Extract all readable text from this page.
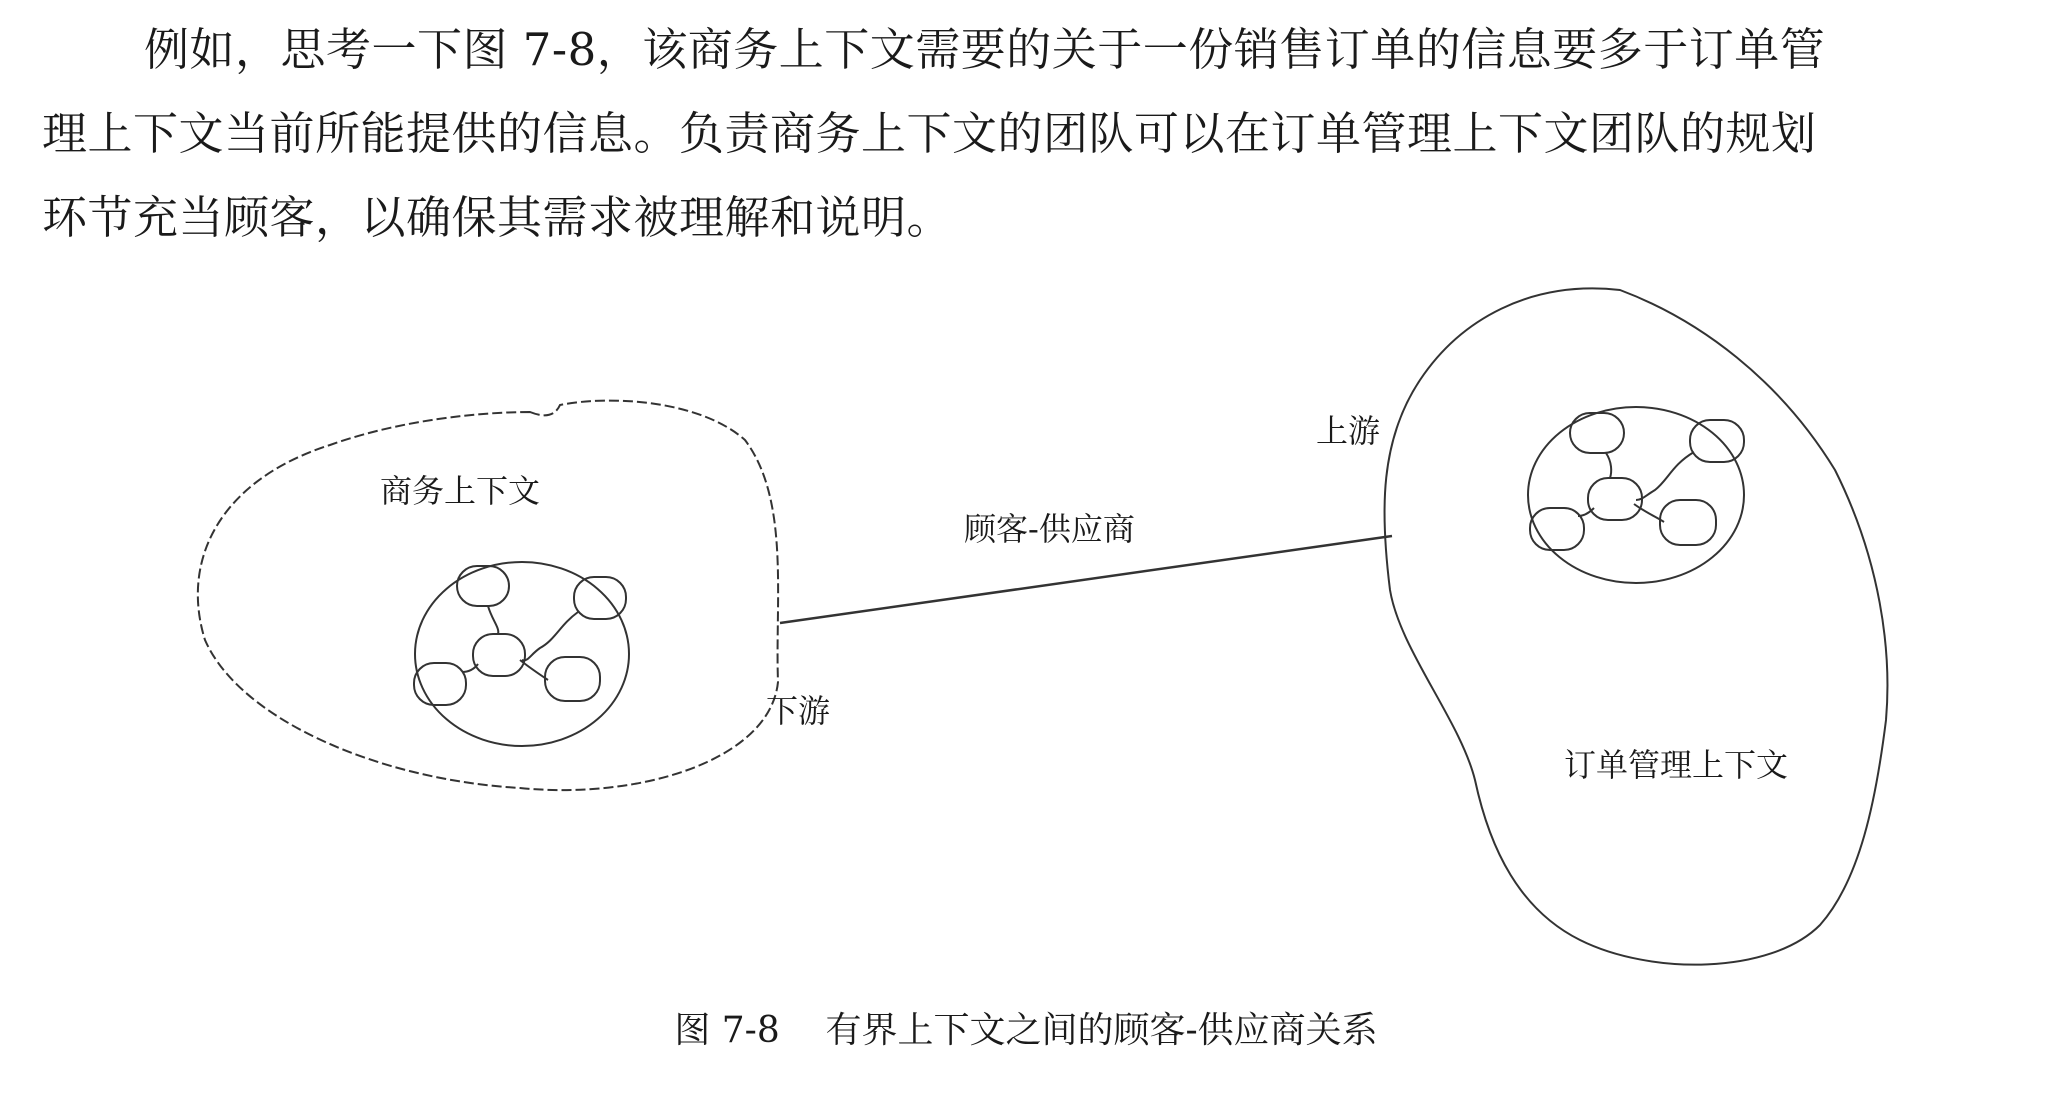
例如，思考一下图 7-8，该商务上下文需要的关于一份销售订单的信息要多于订单管
理上下文当前所能提供的信息。负责商务上下文的团队可以在订单管理上下文团队的规划
环节充当顾客，以确保其需求被理解和说明。

商务上下文
顾客-供应商
下游
上游
订单管理上下文
图 7-8 有界上下文之间的顾客-供应商关系
